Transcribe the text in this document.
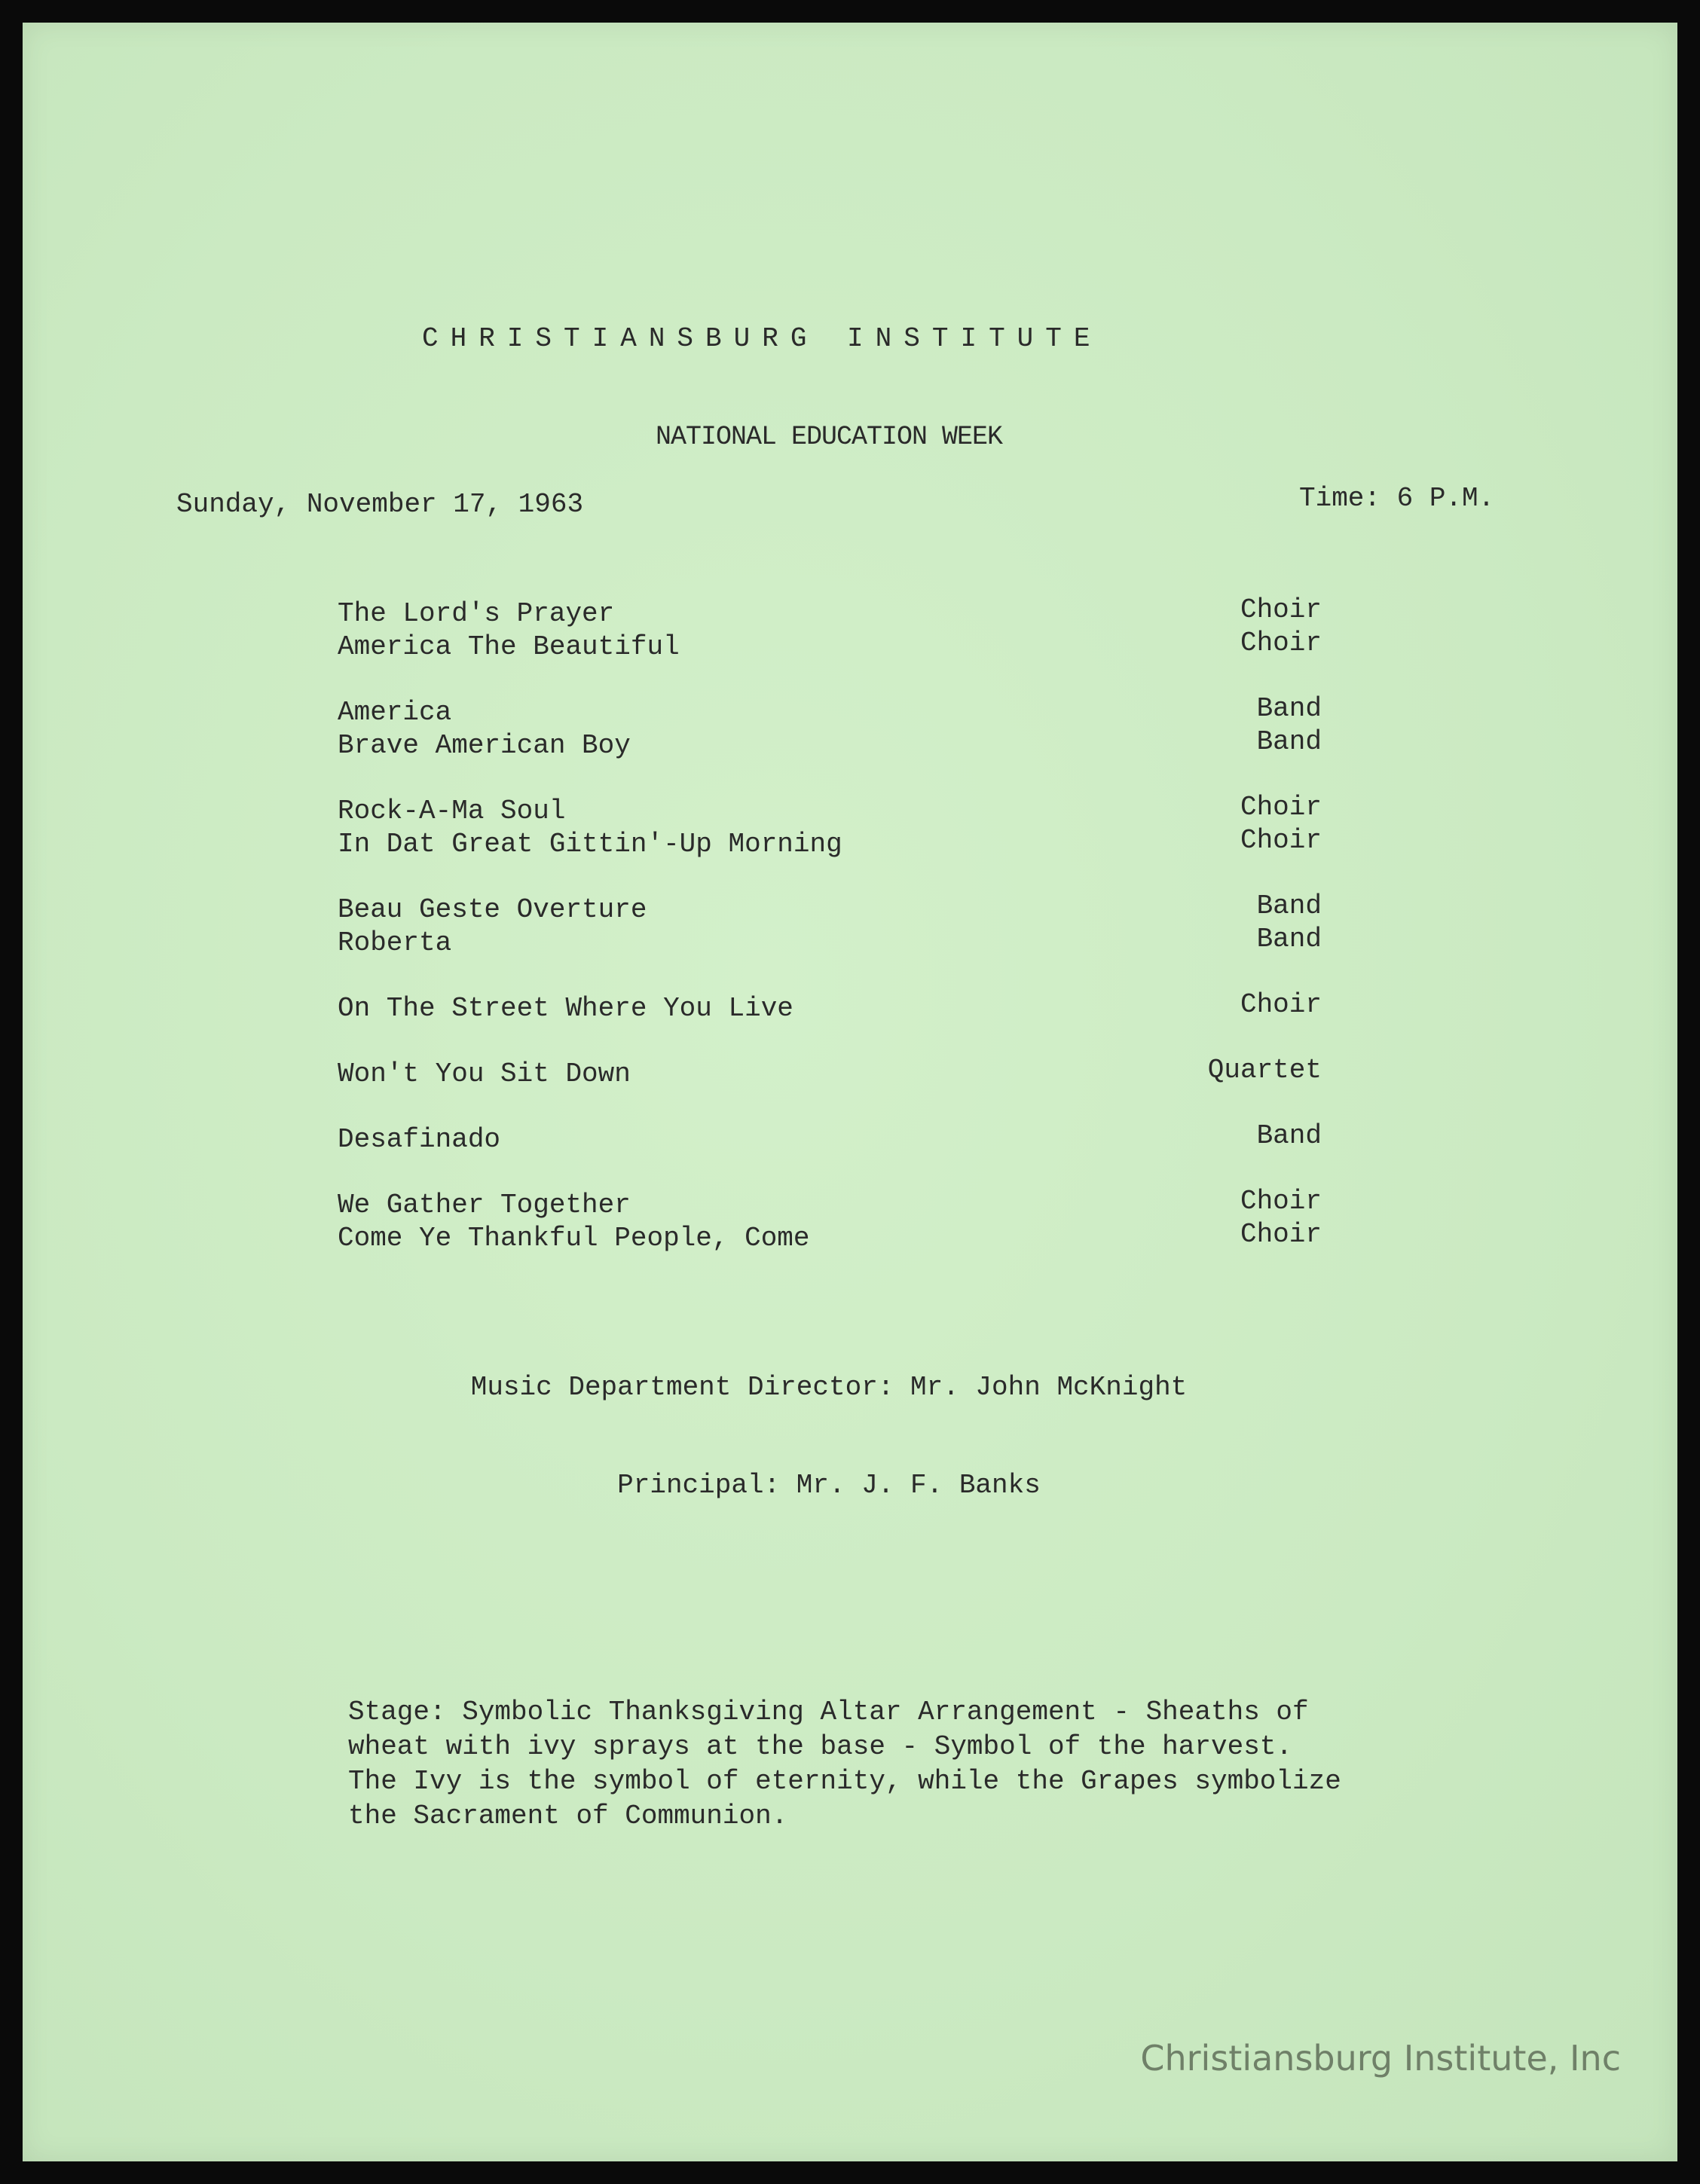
CHRISTIANSBURG INSTITUTE
NATIONAL EDUCATION WEEK
Sunday, November 17, 1963	Time: 6 P.M.
The Lord's Prayer	Choir
America The Beautiful	Choir
America	Band
Brave American Boy	Band
Rock-A-Ma Soul	Choir
In Dat Great Gittin'-Up Morning	Choir
Beau Geste Overture	Band
Roberta	Band
On The Street Where You Live	Choir
Won't You Sit Down	Quartet
Desafinado	Band
We Gather Together	Choir
Come Ye Thankful People, Come	Choir
Music Department Director: Mr. John McKnight
Principal: Mr. J. F. Banks
Stage: Symbolic Thanksgiving Altar Arrangement - Sheaths of
wheat with ivy sprays at the base - Symbol of the harvest.
The Ivy is the symbol of eternity, while the Grapes symbolize
the Sacrament of Communion.
Christiansburg Institute, Inc
